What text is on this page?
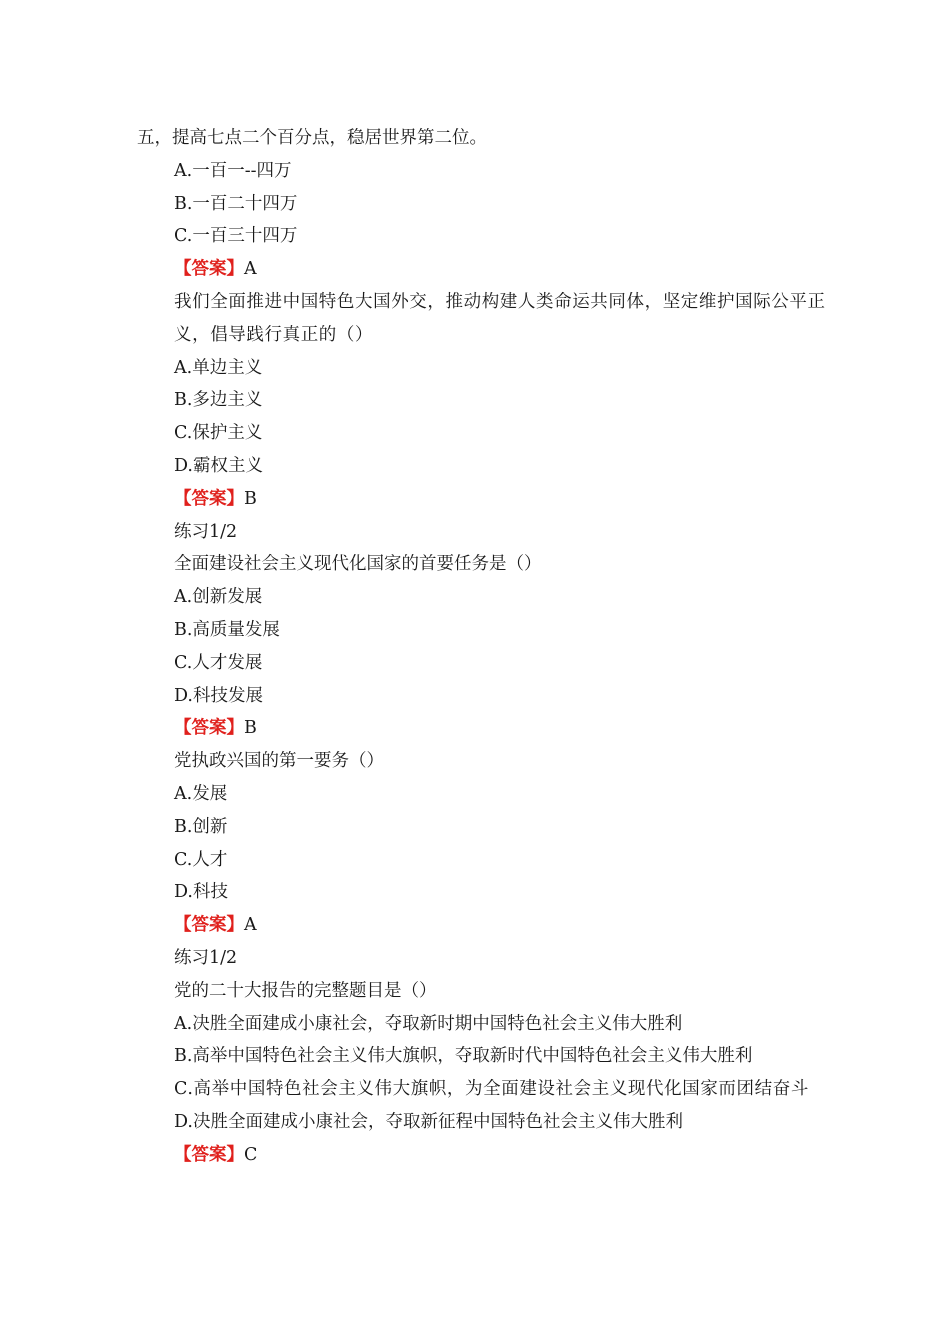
五，提高七点二个百分点，稳居世界第二位。
A.一百一--四万
B.一百二十四万
C.一百三十四万
【答案】A
我们全面推进中国特色大国外交，推动构建人类命运共同体，坚定维护国际公平正义，倡导践行真正的（）
A.单边主义
B.多边主义
C.保护主义
D.霸权主义
【答案】B
练习1/2
全面建设社会主义现代化国家的首要任务是（）
A.创新发展
B.高质量发展
C.人才发展
D.科技发展
【答案】B
党执政兴国的第一要务（）
A.发展
B.创新
C.人才
D.科技
【答案】A
练习1/2
党的二十大报告的完整题目是（）
A.决胜全面建成小康社会，夺取新时期中国特色社会主义伟大胜利
B.高举中国特色社会主义伟大旗帜，夺取新时代中国特色社会主义伟大胜利
C.高举中国特色社会主义伟大旗帜，为全面建设社会主义现代化国家而团结奋斗
D.决胜全面建成小康社会，夺取新征程中国特色社会主义伟大胜利
【答案】C
